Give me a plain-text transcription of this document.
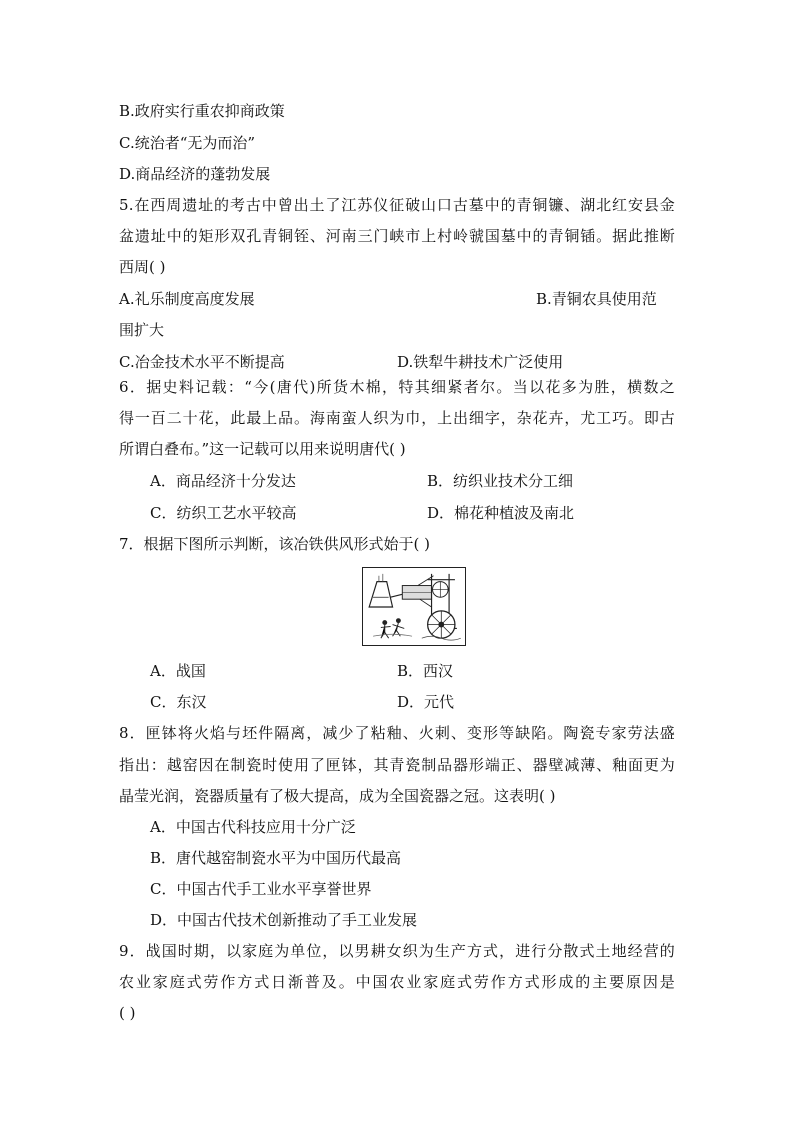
B.政府实行重农抑商政策
C.统治者“无为而治”
D.商品经济的蓬勃发展
5.在西周遗址的考古中曾出土了江苏仪征破山口古墓中的青铜镰、湖北红安县金
盆遗址中的矩形双孔青铜铚、河南三门峡市上村岭虢国墓中的青铜锸。据此推断
西周( )
A.礼乐制度高度发展	B.青铜农具使用范
围扩大
C.冶金技术水平不断提高	D.铁犁牛耕技术广泛使用
6．据史料记载：“今(唐代)所货木棉，特其细紧者尔。当以花多为胜，横数之
得一百二十花，此最上品。海南蛮人织为巾，上出细字，杂花卉，尤工巧。即古
所谓白叠布。”这一记载可以用来说明唐代( )
A．商品经济十分发达	B．纺织业技术分工细
C．纺织工艺水平较高	D．棉花种植波及南北
7．根据下图所示判断，该冶铁供风形式始于( )
A．战国	B．西汉
C．东汉	D．元代
8．匣钵将火焰与坯件隔离，减少了粘釉、火刺、变形等缺陷。陶瓷专家劳法盛
指出：越窑因在制瓷时使用了匣钵，其青瓷制品器形端正、器壁减薄、釉面更为
晶莹光润，瓷器质量有了极大提高，成为全国瓷器之冠。这表明( )
A．中国古代科技应用十分广泛
B．唐代越窑制瓷水平为中国历代最高
C．中国古代手工业水平享誉世界
D．中国古代技术创新推动了手工业发展
9．战国时期，以家庭为单位，以男耕女织为生产方式，进行分散式土地经营的
农业家庭式劳作方式日渐普及。中国农业家庭式劳作方式形成的主要原因是
( )
